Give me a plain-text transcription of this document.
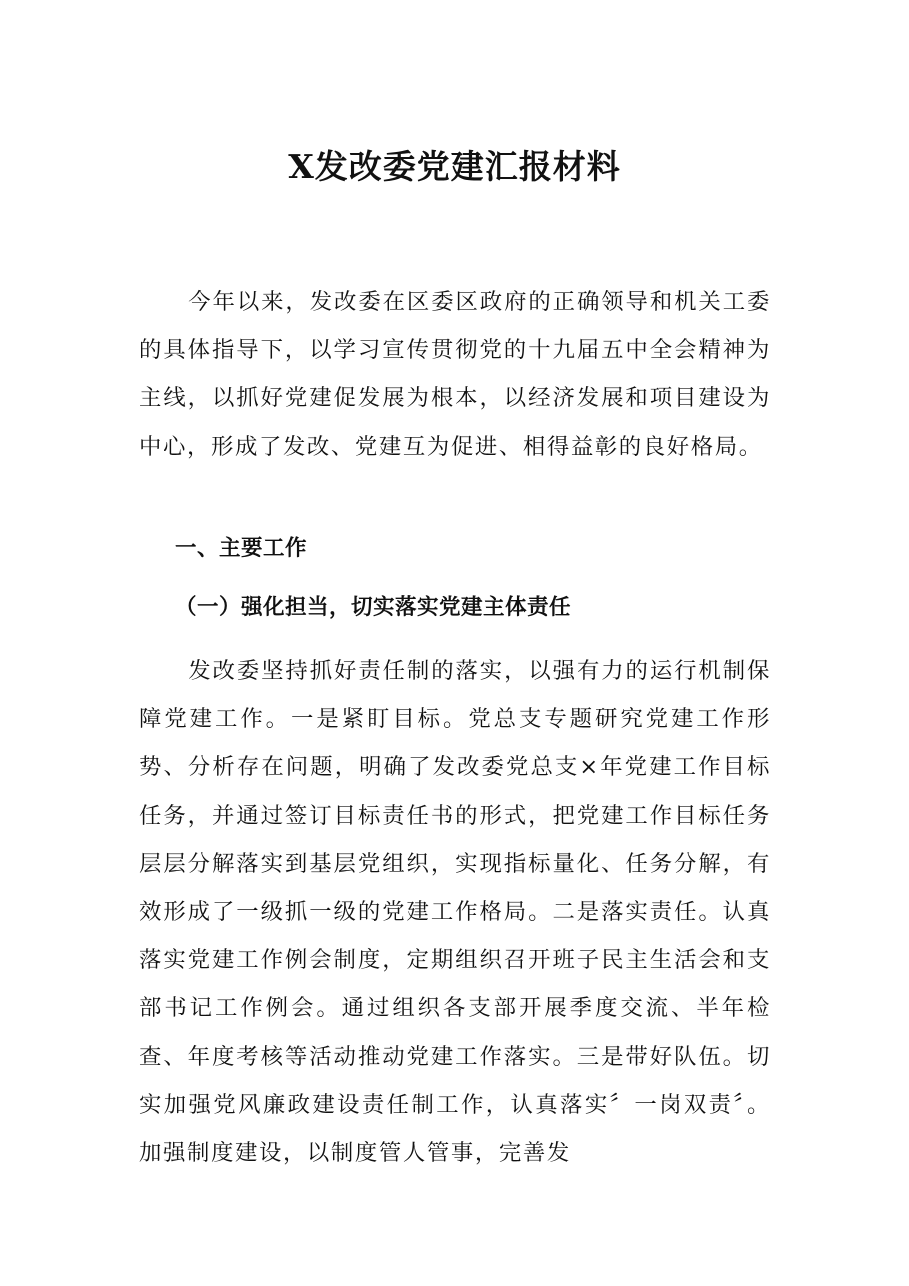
X发改委党建汇报材料

今年以来，发改委在区委区政府的正确领导和机关工委的具体指导下，以学习宣传贯彻党的十九届五中全会精神为主线，以抓好党建促发展为根本，以经济发展和项目建设为中心，形成了发改、党建互为促进、相得益彰的良好格局。

一、主要工作
（一）强化担当，切实落实党建主体责任

发改委坚持抓好责任制的落实，以强有力的运行机制保障党建工作。一是紧盯目标。党总支专题研究党建工作形势、分析存在问题，明确了发改委党总支×年党建工作目标任务，并通过签订目标责任书的形式，把党建工作目标任务层层分解落实到基层党组织，实现指标量化、任务分解，有效形成了一级抓一级的党建工作格局。二是落实责任。认真落实党建工作例会制度，定期组织召开班子民主生活会和支部书记工作例会。通过组织各支部开展季度交流、半年检查、年度考核等活动推动党建工作落实。三是带好队伍。切实加强党风廉政建设责任制工作，认真落实〞一岗双责〞。加强制度建设，以制度管人管事，完善发
